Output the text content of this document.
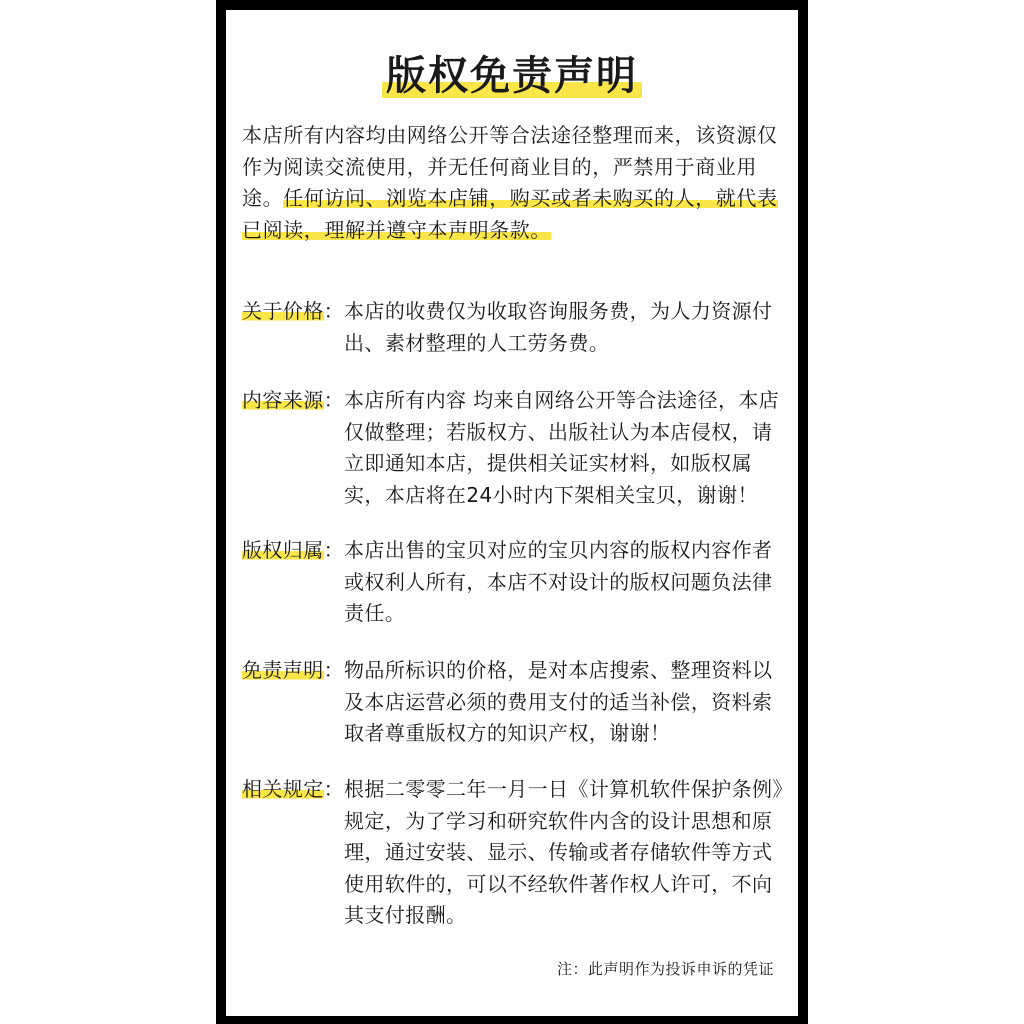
版权免责声明
本店所有内容均由网络公开等合法途径整理而来，该资源仅作为阅读交流使用，并无任何商业目的，严禁用于商业用途。任何访问、浏览本店铺，购买或者未购买的人，就代表已阅读，理解并遵守本声明条款。
关于价格： 本店的收费仅为收取咨询服务费，为人力资源付出、素材整理的人工劳务费。
内容来源： 本店所有内容 均来自网络公开等合法途径，本店仅做整理；若版权方、出版社认为本店侵权，请立即通知本店，提供相关证实材料，如版权属实，本店将在24小时内下架相关宝贝，谢谢！
版权归属： 本店出售的宝贝对应的宝贝内容的版权内容作者或权利人所有，本店不对设计的版权问题负法律责任。
免责声明： 物品所标识的价格，是对本店搜索、整理资料以及本店运营必须的费用支付的适当补偿，资料索取者尊重版权方的知识产权，谢谢！
相关规定： 根据二零零二年一月一日《计算机软件保护条例》规定，为了学习和研究软件内含的设计思想和原理，通过安装、显示、传输或者存储软件等方式使用软件的，可以不经软件著作权人许可，不向其支付报酬。
注：此声明作为投诉申诉的凭证
